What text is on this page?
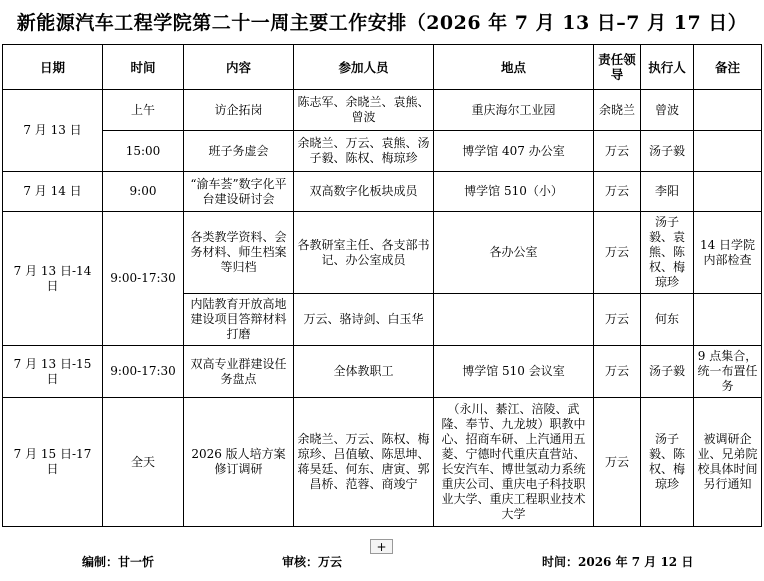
新能源汽车工程学院第二十一周主要工作安排（2026 年 7 月 13 日–7 月 17 日）
日期	时间	内容	参加人员	地点	责任领导	执行人	备注
7 月 13 日	上午	访企拓岗	陈志军、余晓兰、袁熊、曾波	重庆海尔工业园	余晓兰	曾波	
	15:00	班子务虚会	余晓兰、万云、袁熊、汤子毅、陈权、梅琼珍	博学馆 407 办公室	万云	汤子毅	
7 月 14 日	9:00	“渝车荟”数字化平台建设研讨会	双高数字化板块成员	博学馆 510（小）	万云	李阳	
7 月 13 日-14 日	9:00-17:30	各类教学资料、会务材料、师生档案等归档	各教研室主任、各支部书记、办公室成员	各办公室	万云	汤子毅、袁熊、陈权、梅琼珍	14 日学院内部检查
		内陆教育开放高地建设项目答辩材料打磨	万云、骆诗剑、白玉华		万云	何东	
7 月 13 日-15 日	9:00-17:30	双高专业群建设任务盘点	全体教职工	博学馆 510 会议室	万云	汤子毅	9 点集合，统一布置任务
7 月 15 日-17 日	全天	2026 版人培方案修订调研	余晓兰、万云、陈权、梅琼珍、吕值敏、陈思坤、蒋昊廷、何东、唐寅、郭昌桥、范蓉、商竣宁	（永川、綦江、涪陵、武隆、奉节、九龙坡）职教中心、招商车研、上汽通用五菱、宁德时代重庆直营站、长安汽车、博世氢动力系统重庆公司、重庆电子科技职业大学、重庆工程职业技术大学	万云	汤子毅、陈权、梅琼珍	被调研企业、兄弟院校具体时间另行通知
+
编制：甘一忻	审核：万云	时间：2026 年 7 月 12 日
